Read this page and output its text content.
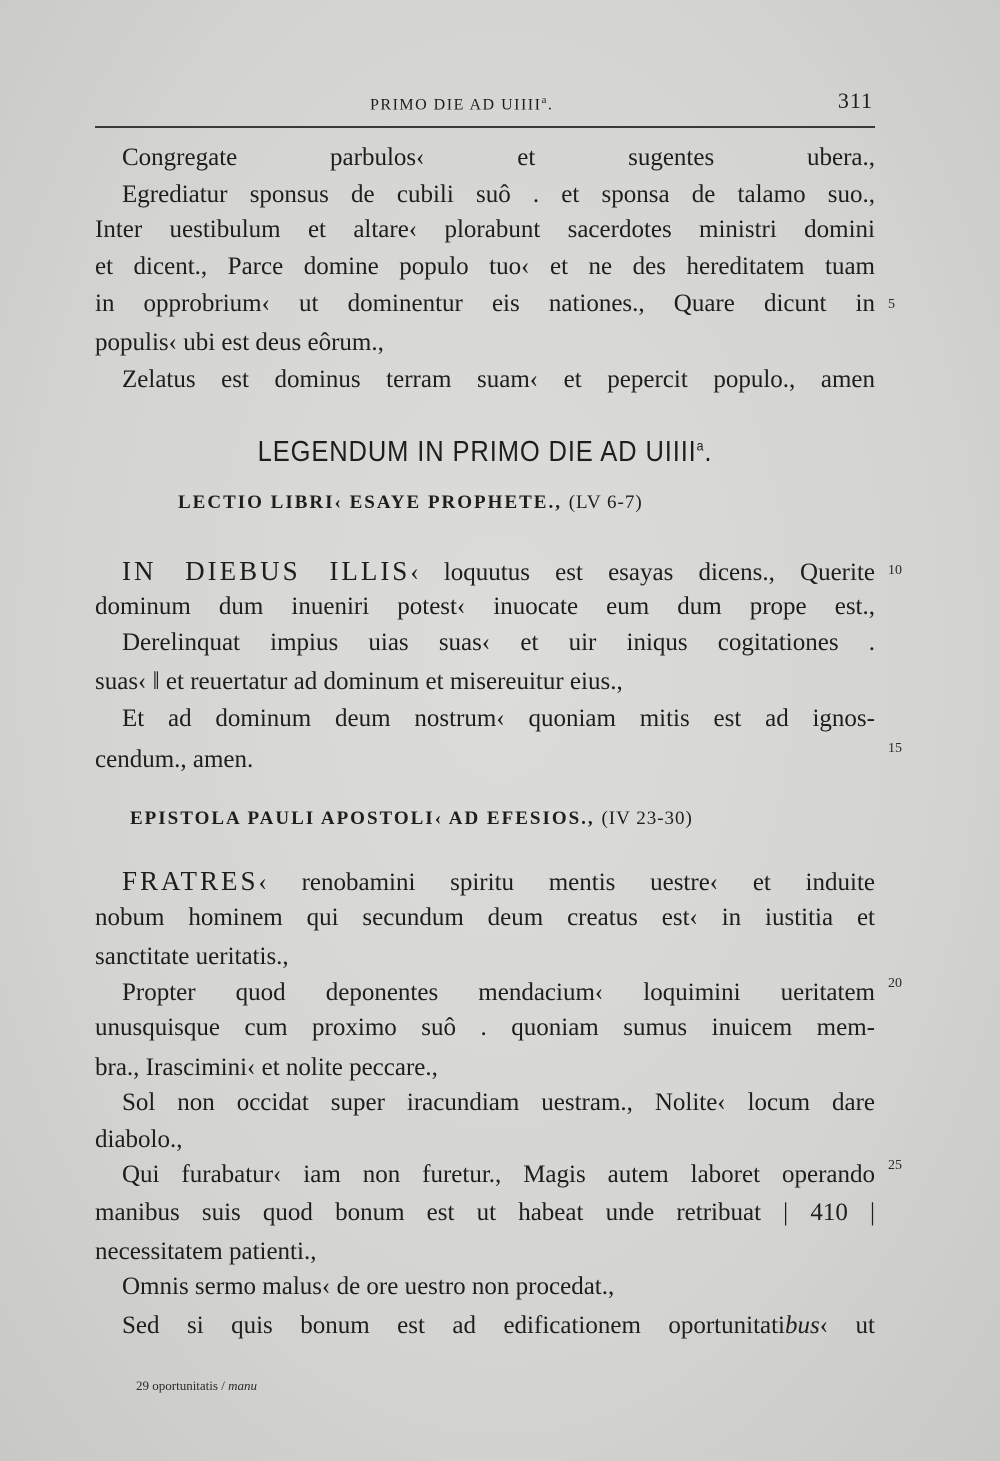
PRIMO DIE AD UIIII$^a$.	311
Congregate parbulos‹ et sugentes ubera.,
Egrediatur sponsus de cubili suô . et sponsa de talamo suo.,
Inter uestibulum et altare‹ plorabunt sacerdotes ministri domini
et dicent., Parce domine populo tuo‹ et ne des hereditatem tuam
in opprobrium‹ ut dominentur eis nationes., Quare dicunt in
populis‹ ubi est deus eôrum.,
Zelatus est dominus terram suam‹ et pepercit populo., amen
5
LEGENDUM IN PRIMO DIE AD UIIII$^a$.
LECTIO LIBRI‹ ESAYE PROPHETE., (LV 6-7)
IN DIEBUS ILLIS‹ loquutus est esayas dicens., Querite
dominum dum inueniri potest‹ inuocate eum dum prope est.,
Derelinquat impius uias suas‹ et uir iniqus cogitationes .
suas‹ ‖ et reuertatur ad dominum et misereuitur eius.,
Et ad dominum deum nostrum‹ quoniam mitis est ad ignos-
cendum., amen.
10
15
EPISTOLA PAULI APOSTOLI‹ AD EFESIOS., (IV 23-30)
FRATRES‹ renobamini spiritu mentis uestre‹ et induite
nobum hominem qui secundum deum creatus est‹ in iustitia et
sanctitate ueritatis.,
Propter quod deponentes mendacium‹ loquimini ueritatem
unusquisque cum proximo suô . quoniam sumus inuicem mem-
bra., Irascimini‹ et nolite peccare.,
Sol non occidat super iracundiam uestram., Nolite‹ locum dare
diabolo.,
Qui furabatur‹ iam non furetur., Magis autem laboret operando
manibus suis quod bonum est ut habeat unde retribuat | 410 |
necessitatem patienti.,
Omnis sermo malus‹ de ore uestro non procedat.,
Sed si quis bonum est ad edificationem oportunitatibus‹ ut
20
25
29 oportunitatis / manu
